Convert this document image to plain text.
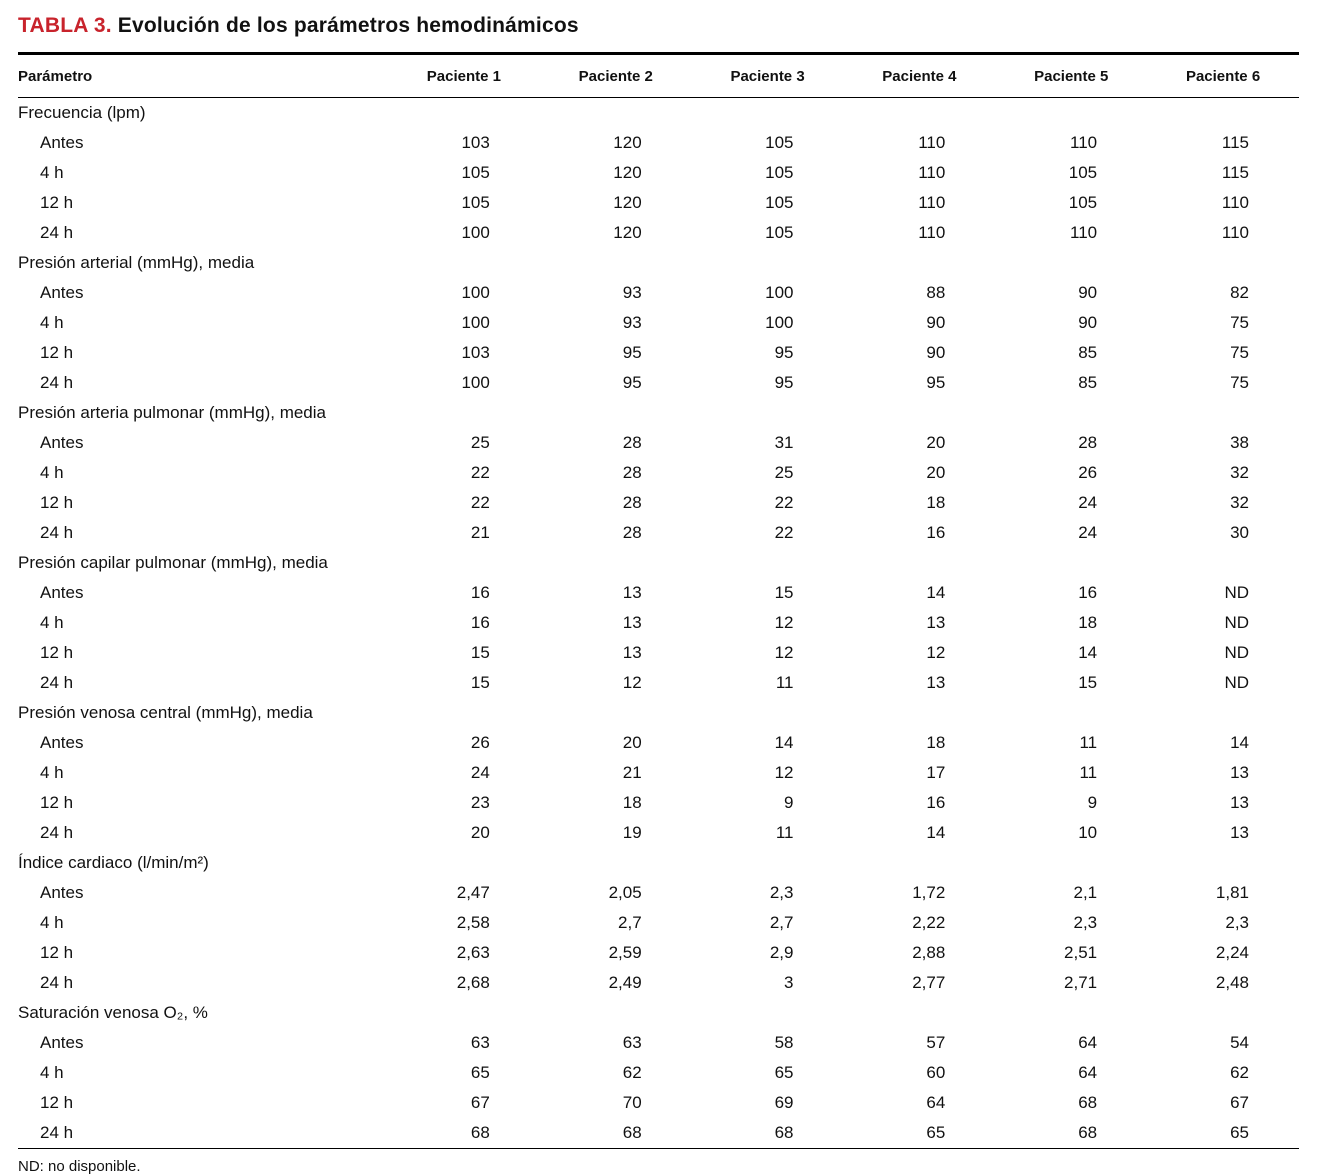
TABLA 3. Evolución de los parámetros hemodinámicos
Parámetro	Paciente 1	Paciente 2	Paciente 3	Paciente 4	Paciente 5	Paciente 6
Frecuencia (lpm)						
Antes	103	120	105	110	110	115
4 h	105	120	105	110	105	115
12 h	105	120	105	110	105	110
24 h	100	120	105	110	110	110
Presión arterial (mmHg), media						
Antes	100	93	100	88	90	82
4 h	100	93	100	90	90	75
12 h	103	95	95	90	85	75
24 h	100	95	95	95	85	75
Presión arteria pulmonar (mmHg), media						
Antes	25	28	31	20	28	38
4 h	22	28	25	20	26	32
12 h	22	28	22	18	24	32
24 h	21	28	22	16	24	30
Presión capilar pulmonar (mmHg), media						
Antes	16	13	15	14	16	ND
4 h	16	13	12	13	18	ND
12 h	15	13	12	12	14	ND
24 h	15	12	11	13	15	ND
Presión venosa central (mmHg), media						
Antes	26	20	14	18	11	14
4 h	24	21	12	17	11	13
12 h	23	18	9	16	9	13
24 h	20	19	11	14	10	13
Índice cardiaco (l/min/m²)						
Antes	2,47	2,05	2,3	1,72	2,1	1,81
4 h	2,58	2,7	2,7	2,22	2,3	2,3
12 h	2,63	2,59	2,9	2,88	2,51	2,24
24 h	2,68	2,49	3	2,77	2,71	2,48
Saturación venosa O₂, %						
Antes	63	63	58	57	64	54
4 h	65	62	65	60	64	62
12 h	67	70	69	64	68	67
24 h	68	68	68	65	68	65
ND: no disponible.
